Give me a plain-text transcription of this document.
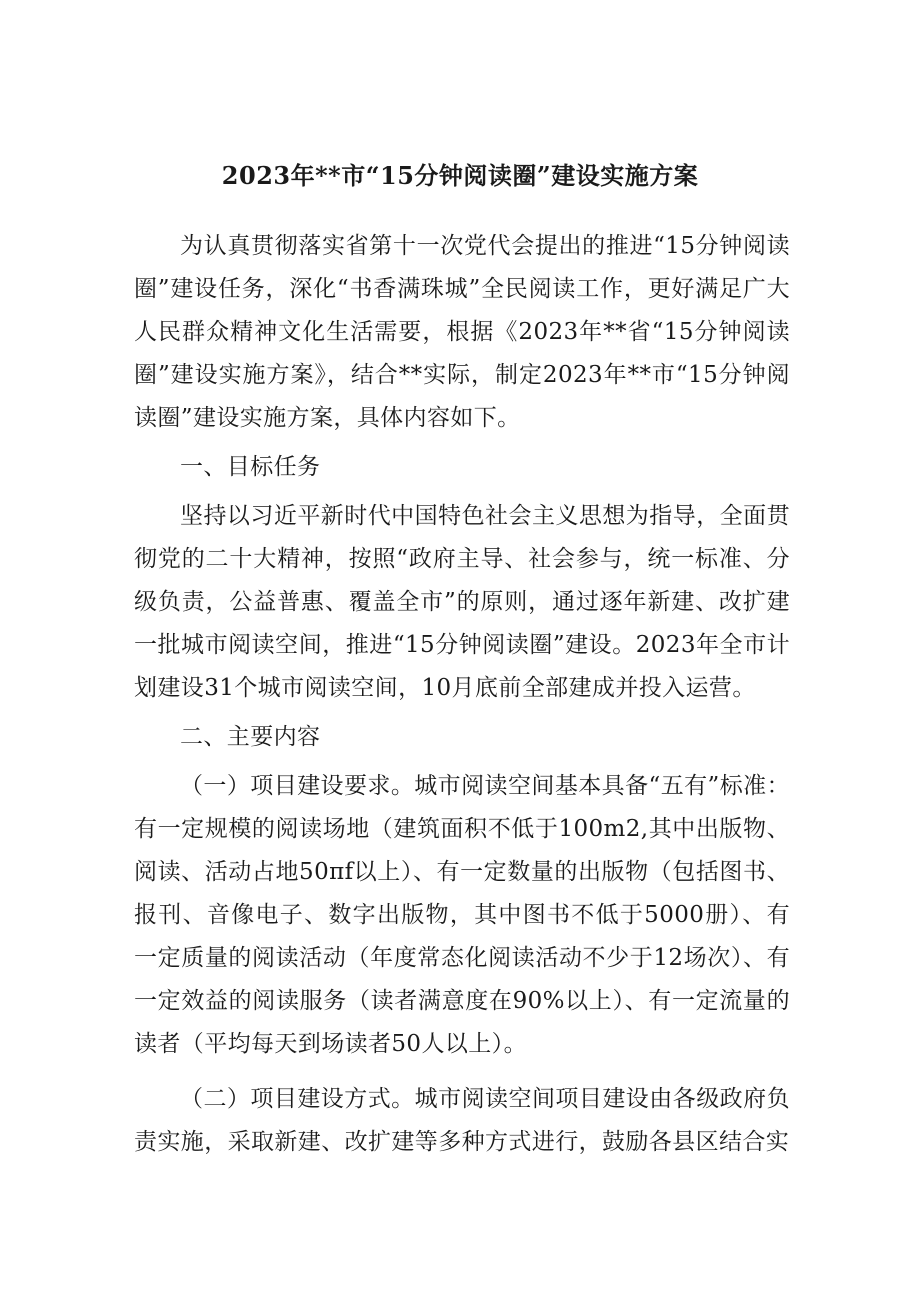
2023年**市“15分钟阅读圈”建设实施方案

为认真贯彻落实省第十一次党代会提出的推进“15分钟阅读圈”建设任务，深化“书香满珠城”全民阅读工作，更好满足广大人民群众精神文化生活需要，根据《2023年**省“15分钟阅读圈”建设实施方案》，结合**实际，制定2023年**市“15分钟阅读圈”建设实施方案，具体内容如下。

一、目标任务

坚持以习近平新时代中国特色社会主义思想为指导，全面贯彻党的二十大精神，按照“政府主导、社会参与，统一标准、分级负责，公益普惠、覆盖全市”的原则，通过逐年新建、改扩建一批城市阅读空间，推进“15分钟阅读圈”建设。2023年全市计划建设31个城市阅读空间，10月底前全部建成并投入运营。

二、主要内容

（一）项目建设要求。城市阅读空间基本具备“五有”标准：有一定规模的阅读场地（建筑面积不低于100m2,其中出版物、阅读、活动占地50πf以上）、有一定数量的出版物（包括图书、报刊、音像电子、数字出版物，其中图书不低于5000册）、有一定质量的阅读活动（年度常态化阅读活动不少于12场次）、有一定效益的阅读服务（读者满意度在90%以上）、有一定流量的读者（平均每天到场读者50人以上）。

（二）项目建设方式。城市阅读空间项目建设由各级政府负责实施，采取新建、改扩建等多种方式进行，鼓励各县区结合实
